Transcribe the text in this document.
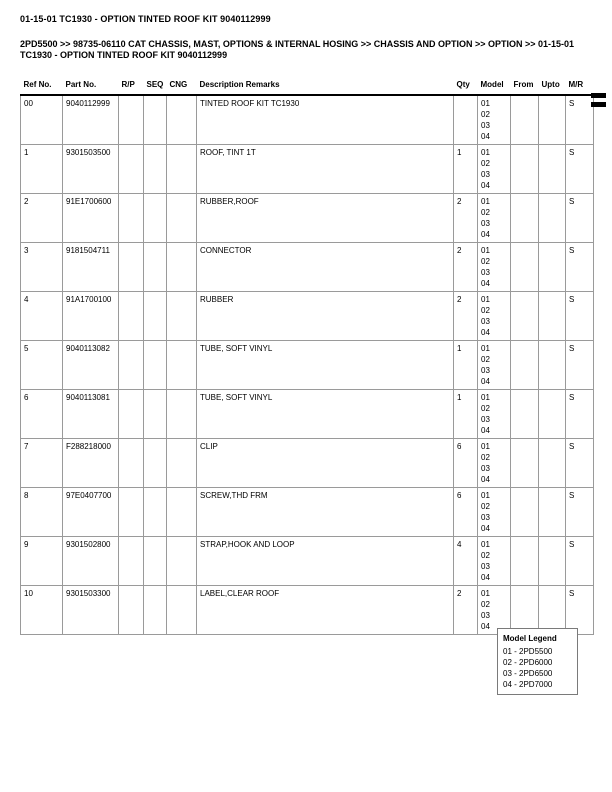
01-15-01 TC1930 - OPTION TINTED ROOF KIT 9040112999
2PD5500 >> 98735-06110 CAT CHASSIS, MAST, OPTIONS & INTERNAL HOSING >> CHASSIS AND OPTION >> OPTION >> 01-15-01 TC1930 - OPTION TINTED ROOF KIT 9040112999
Ref No.	Part No.	R/P	SEQ	CNG	Description Remarks	Qty	Model	From	Upto	M/R
00	9040112999				TINTED ROOF KIT TC1930		01
02
03
04			S
1	9301503500				ROOF, TINT 1T	1	01
02
03
04			S
2	91E1700600				RUBBER,ROOF	2	01
02
03
04			S
3	9181504711				CONNECTOR	2	01
02
03
04			S
4	91A1700100				RUBBER	2	01
02
03
04			S
5	9040113082				TUBE, SOFT VINYL	1	01
02
03
04			S
6	9040113081				TUBE, SOFT VINYL	1	01
02
03
04			S
7	F288218000				CLIP	6	01
02
03
04			S
8	97E0407700				SCREW,THD FRM	6	01
02
03
04			S
9	9301502800				STRAP,HOOK AND LOOP	4	01
02
03
04			S
10	9301503300				LABEL,CLEAR ROOF	2	01
02
03
04			S
Model Legend
01 - 2PD5500
02 - 2PD6000
03 - 2PD6500
04 - 2PD7000
